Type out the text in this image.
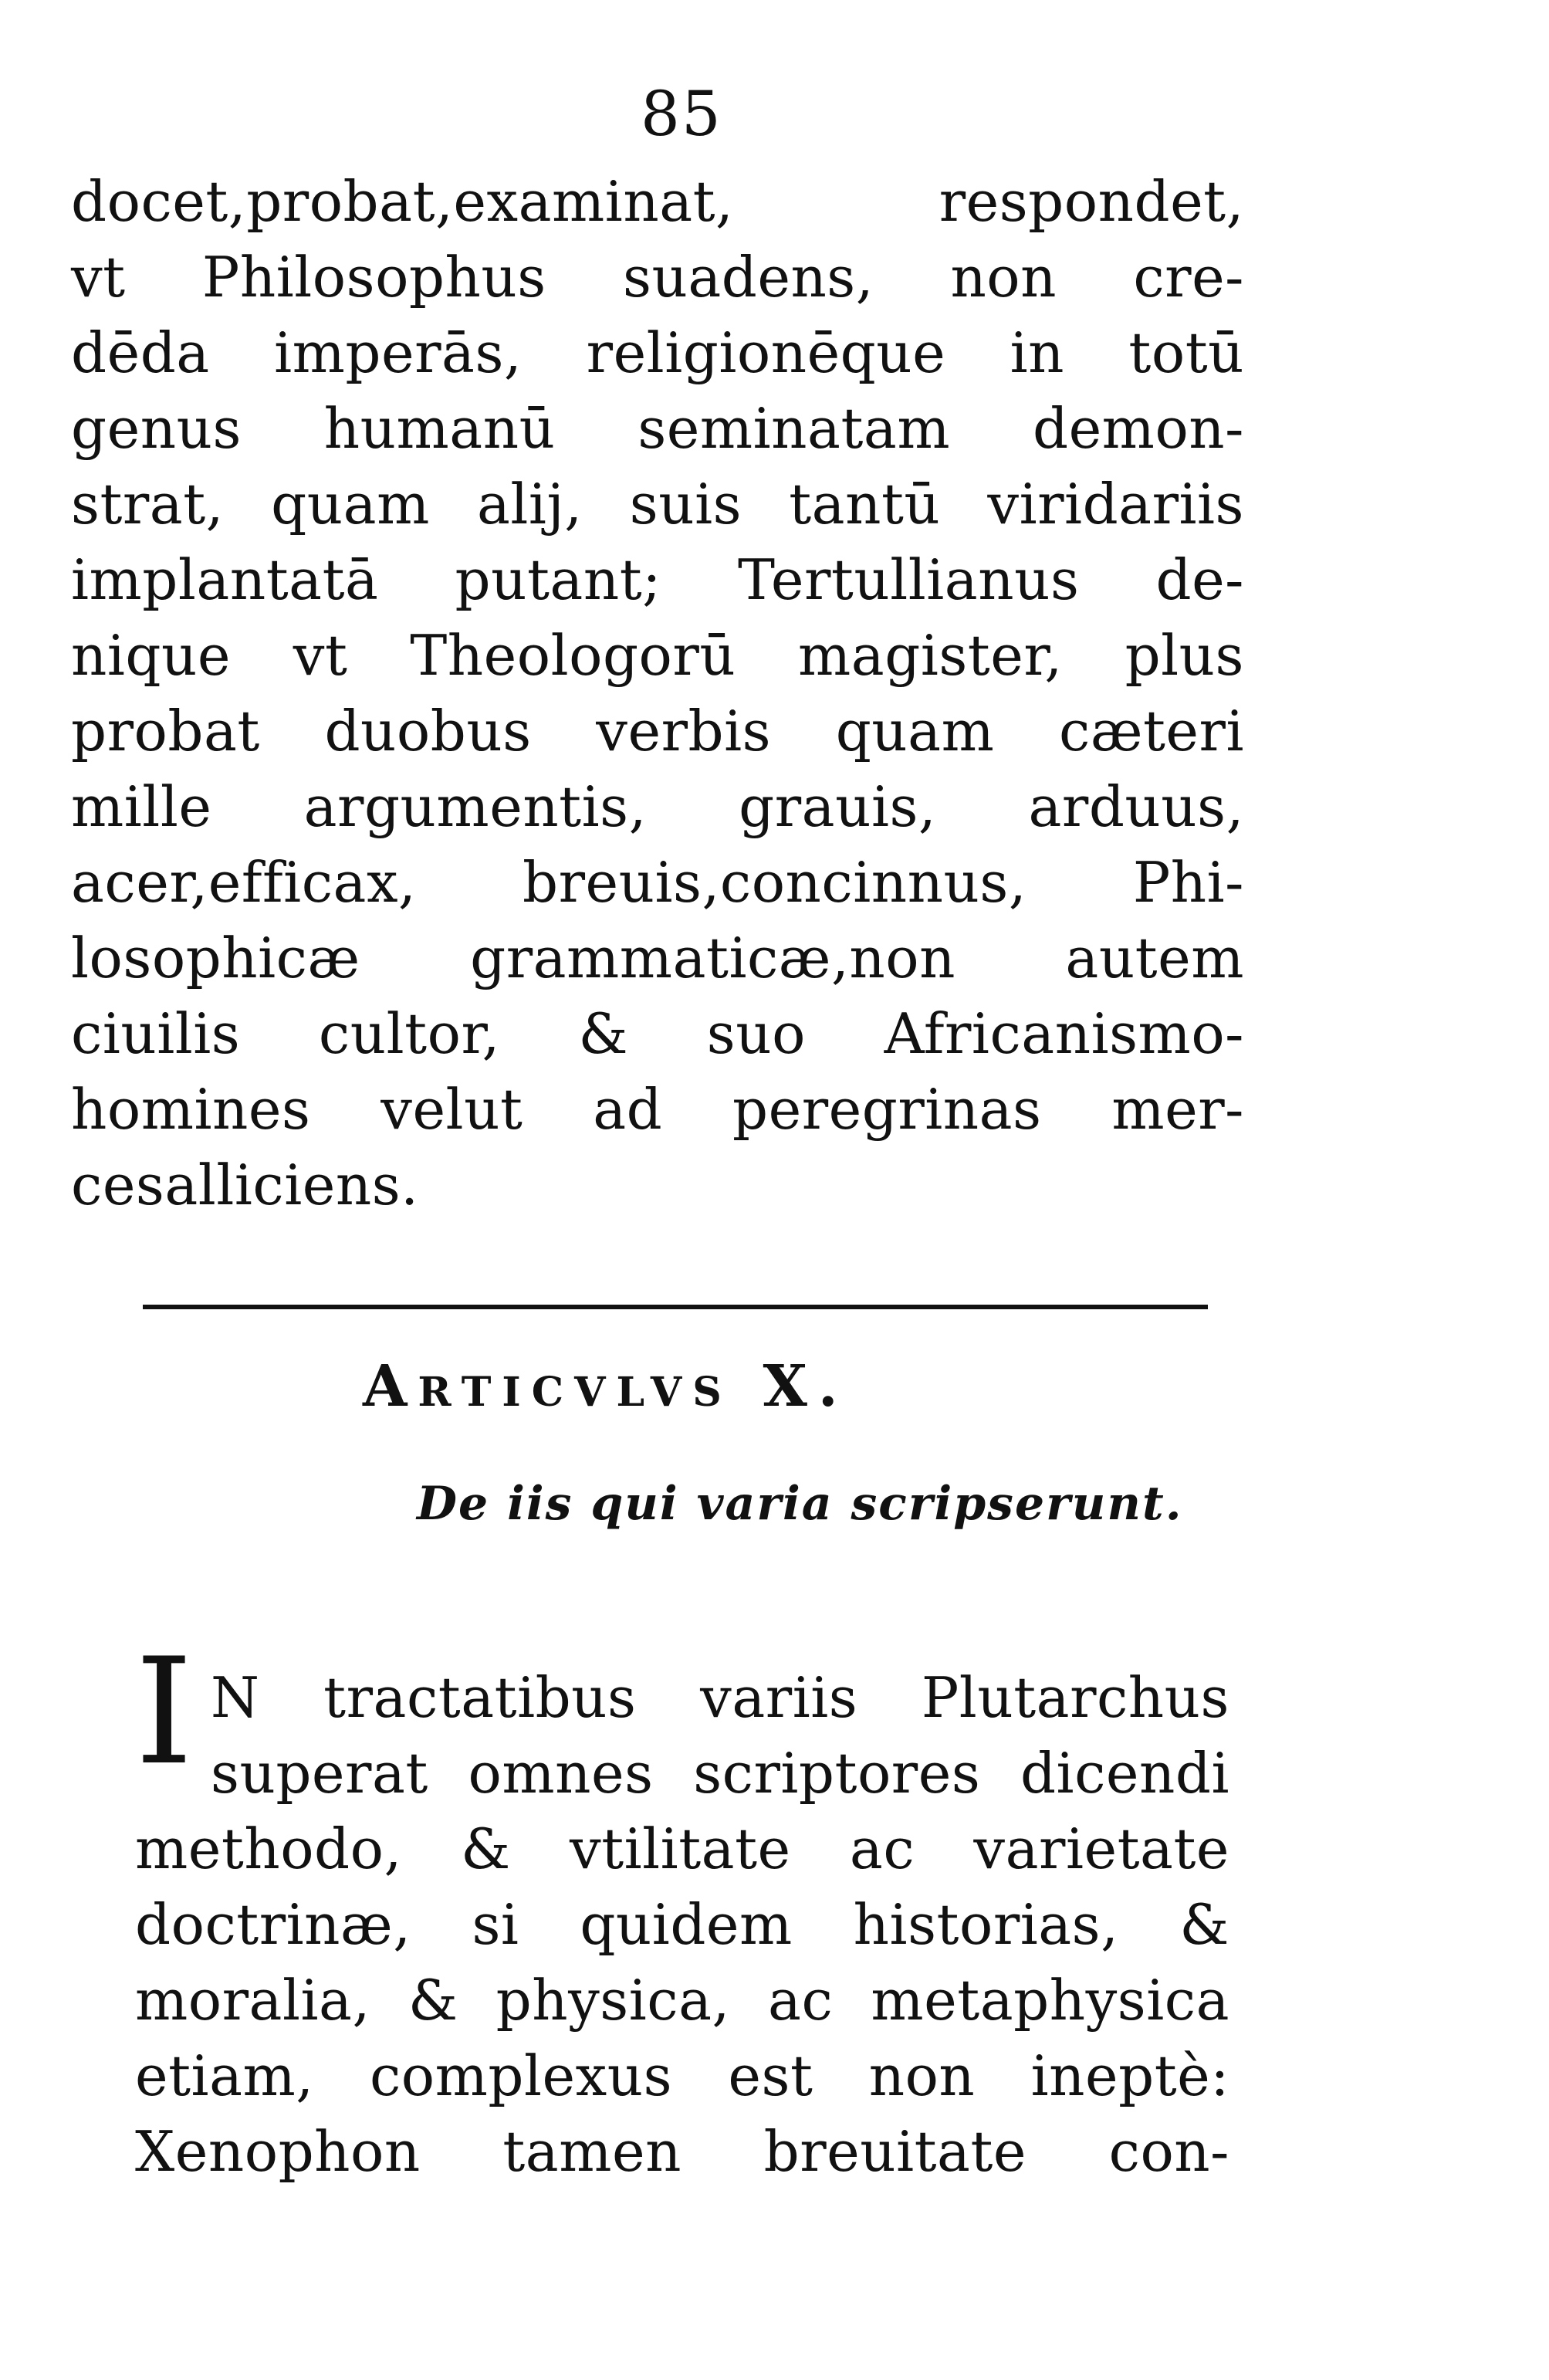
85
docet,probat,examinat, respondet,
vt Philosophus suadens, non cre-
dēda imperās, religionēque in totū
genus humanū seminatam demon-
strat, quam alij, suis tantū viridariis
implantatā putant; Tertullianus de-
nique vt Theologorū magister, plus
probat duobus verbis quam cæteri
mille argumentis, grauis, arduus,
acer,efficax, breuis,concinnus, Phi-
losophicæ grammaticæ,non autem
ciuilis cultor, & suo Africanismo-
homines velut ad peregrinas mer-
cesalliciens.
Articvlvs X.
De iis qui varia scripserunt.
I N tractatibus variis Plutarchus
superat omnes scriptores dicendi
methodo, & vtilitate ac varietate
doctrinæ, si quidem historias, &
moralia, & physica, ac metaphysica
etiam, complexus est non ineptè:
Xenophon tamen breuitate con-
